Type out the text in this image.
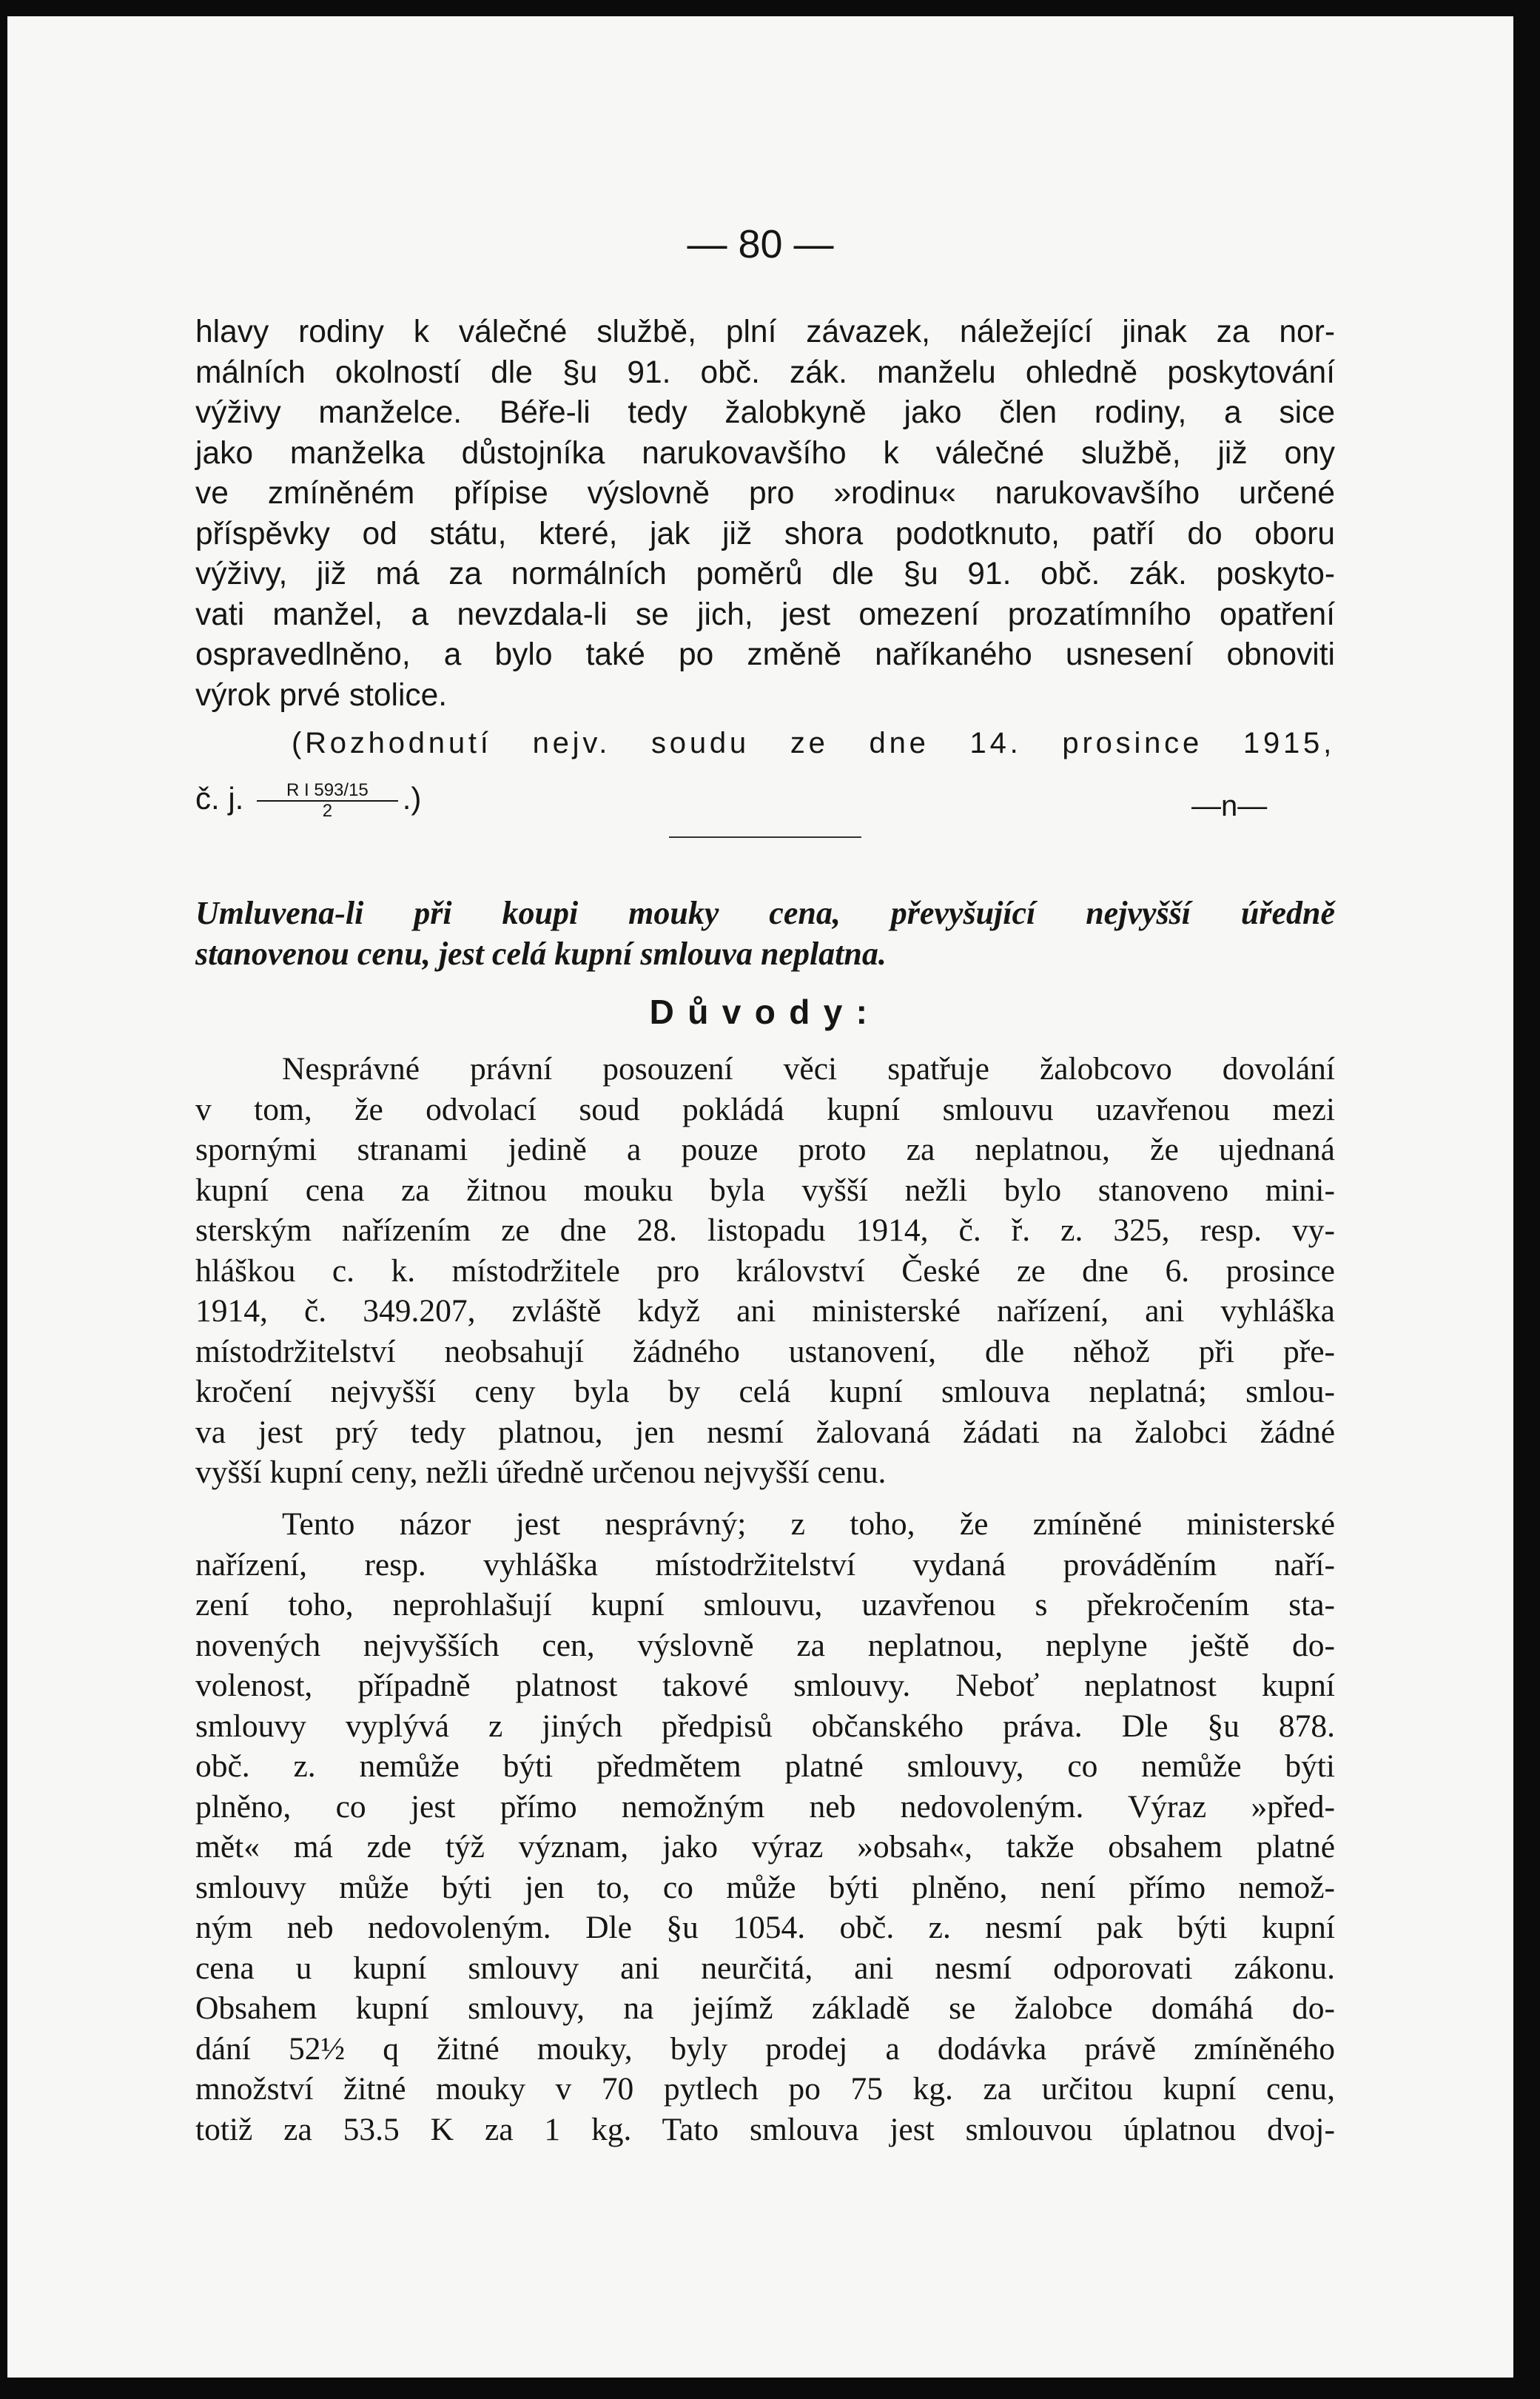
— 80 —
hlavy rodiny k válečné službě, plní závazek, náležející jinak za nor-
málních okolností dle §u 91. obč. zák. manželu ohledně poskytování
výživy manželce. Béře-li tedy žalobkyně jako člen rodiny, a sice
jako manželka důstojníka narukovavšího k válečné službě, již ony
ve zmíněném přípise výslovně pro »rodinu« narukovavšího určené
příspěvky od státu, které, jak již shora podotknuto, patří do oboru
výživy, již má za normálních poměrů dle §u 91. obč. zák. poskyto-
vati manžel, a nevzdala-li se jich, jest omezení prozatímního opatření
ospravedlněno, a bylo také po změně naříkaného usnesení obnoviti
výrok prvé stolice.
(Rozhodnutí nejv. soudu ze dne 14. prosince 1915,
č. j. $\frac{\text{R I 593/15}}{2}$ .)	—n—
Umluvena-li při koupi mouky cena, převyšující nejvyšší úředně
stanovenou cenu, jest celá kupní smlouva neplatna.
Důvody:
Nesprávné právní posouzení věci spatřuje žalobcovo dovolání
v tom, že odvolací soud pokládá kupní smlouvu uzavřenou mezi
spornými stranami jedině a pouze proto za neplatnou, že ujednaná
kupní cena za žitnou mouku byla vyšší nežli bylo stanoveno mini-
sterským nařízením ze dne 28. listopadu 1914, č. ř. z. 325, resp. vy-
hláškou c. k. místodržitele pro království České ze dne 6. prosince
1914, č. 349.207, zvláště když ani ministerské nařízení, ani vyhláška
místodržitelství neobsahují žádného ustanovení, dle něhož při pře-
kročení nejvyšší ceny byla by celá kupní smlouva neplatná; smlou-
va jest prý tedy platnou, jen nesmí žalovaná žádati na žalobci žádné
vyšší kupní ceny, nežli úředně určenou nejvyšší cenu.
Tento názor jest nesprávný; z toho, že zmíněné ministerské
nařízení, resp. vyhláška místodržitelství vydaná prováděním naří-
zení toho, neprohlašují kupní smlouvu, uzavřenou s překročením sta-
novených nejvyšších cen, výslovně za neplatnou, neplyne ještě do-
volenost, případně platnost takové smlouvy. Neboť neplatnost kupní
smlouvy vyplývá z jiných předpisů občanského práva. Dle §u 878.
obč. z. nemůže býti předmětem platné smlouvy, co nemůže býti
plněno, co jest přímo nemožným neb nedovoleným. Výraz »před-
mět« má zde týž význam, jako výraz »obsah«, takže obsahem platné
smlouvy může býti jen to, co může býti plněno, není přímo nemož-
ným neb nedovoleným. Dle §u 1054. obč. z. nesmí pak býti kupní
cena u kupní smlouvy ani neurčitá, ani nesmí odporovati zákonu.
Obsahem kupní smlouvy, na jejímž základě se žalobce domáhá do-
dání 52½ q žitné mouky, byly prodej a dodávka právě zmíněného
množství žitné mouky v 70 pytlech po 75 kg. za určitou kupní cenu,
totiž za 53.5 K za 1 kg. Tato smlouva jest smlouvou úplatnou dvoj-
